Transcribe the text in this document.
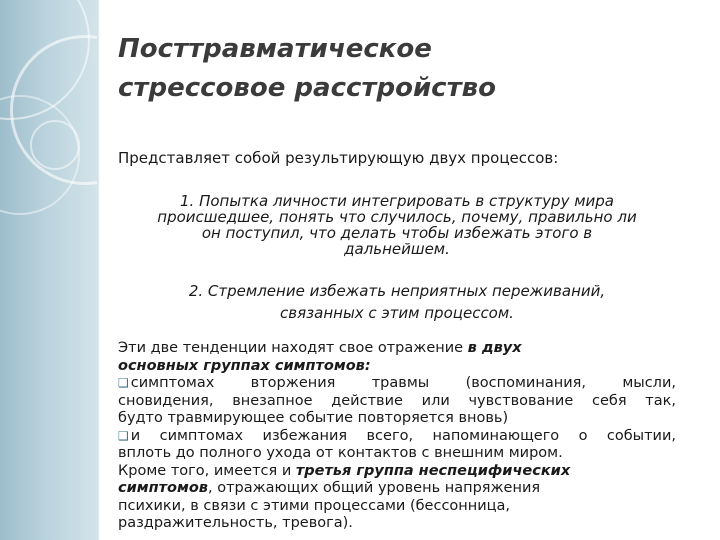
Посттравматическое
стрессовое расстройство
Представляет собой результирующую двух процессов:
1. Попытка личности интегрировать в структуру мира
происшедшее, понять что случилось, почему, правильно ли
он поступил, что делать чтобы избежать этого в
дальнейшем.
2. Стремление избежать неприятных переживаний,
связанных с этим процессом.
Эти две тенденции находят свое отражение в двух
основных группах симптомов:
❑ симптомах вторжения травмы (воспоминания, мысли,
сновидения, внезапное действие или чувствование себя так,
будто травмирующее событие повторяется вновь)
❑ и симптомах избежания всего, напоминающего о событии,
вплоть до полного ухода от контактов с внешним миром.
Кроме того, имеется и третья группа неспецифических
симптомов, отражающих общий уровень напряжения
психики, в связи с этими процессами (бессонница,
раздражительность, тревога).
